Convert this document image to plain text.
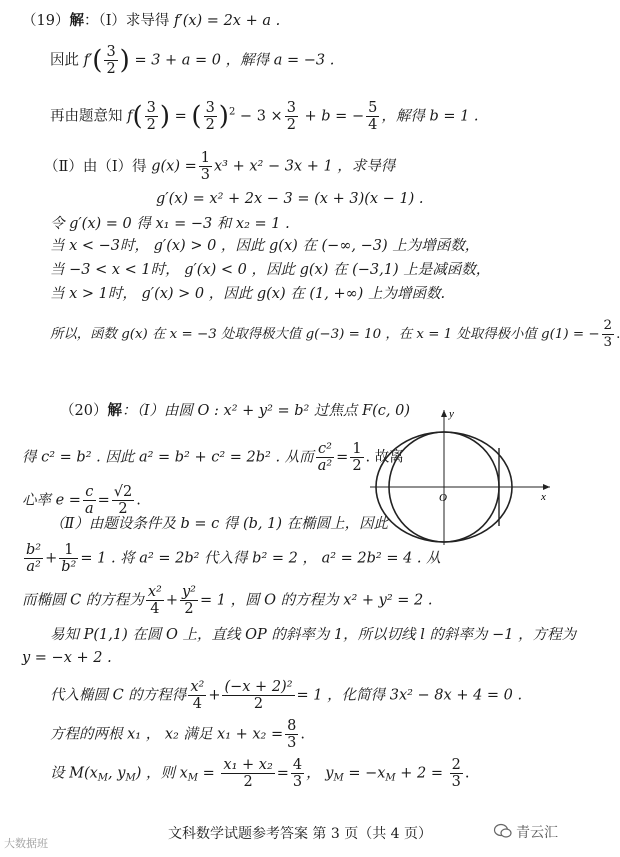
（19）解：（Ⅰ）求导得 f′(x) = 2x + a .
因此 $f'( \frac{3}{2}$ ) = 3 + a = 0 ，解得 a = −3 .
再由题意知 $f( \frac{3}{2}$ ) = ( $\frac{3}{2} )^2 - 3 \times \frac{3}{2} + b$ = − $\frac{5}{4}$ ，解得 b = 1 .
（Ⅱ）由（Ⅰ）得 $g(x) = \frac{1}{3} x^3 + x^2 - 3x + 1$ ，求导得
g′(x) = x² + 2x − 3 = (x + 3)(x − 1) .
令 g′(x) = 0 得 x₁ = −3 和 x₂ = 1 .
当 x < −3时， g′(x) > 0 ，因此 g(x) 在 (−∞, −3) 上为增函数，
当 −3 < x < 1时， g′(x) < 0 ，因此 g(x) 在 (−3,1) 上是减函数，
当 x > 1时， g′(x) > 0 ，因此 g(x) 在 (1, +∞) 上为增函数.
所以，函数 g(x) 在 x = −3 处取得极大值 g(−3) = 10 ，在 x = 1 处取得极小值 g(1) = − $\frac{2}{3}$ .
（20）解：（Ⅰ）由圆 O : x² + y² = b² 过焦点 F(c, 0)
得 c² = b² . 因此 a² = b² + c² = 2b² . 从而 $\frac{\text{c²}}{\text{a²}} = \frac{1}{2}$ . 故离
心率 $e = \frac{c}{a} = \frac{√2}{2}$ .
（Ⅱ）由题设条件及 b = c 得 (b, 1) 在椭圆上，因此
$\frac{\text{b²}}{\text{a²}} + \frac{1}{\text{b²}} = 1$ . 将 a² = 2b² 代入得 b² = 2 ， a² = 2b² = 4 . 从
而椭圆 C 的方程为 $\frac{\text{x²}}{4} + \frac{\text{y²}}{2} = 1$ ，圆 O 的方程为 x² + y² = 2 .
易知 P(1,1) 在圆 O 上，直线 OP 的斜率为 1，所以切线 l 的斜率为 −1 ，方程为
y = −x + 2 .
代入椭圆 C 的方程得 $\frac{\text{x²}}{4} + \frac{\text{(−x + 2)²}}{2} = 1$ ，化简得 3x² − 8x + 4 = 0 .
方程的两根 x₁ ， x₂ 满足 $x_1 + x_2 = \frac{8}{3}$ .
设 $M(x_M$, $y_M$) ，则 $x_M = \frac{\text{x₁ + x₂}}{2} = \frac{4}{3}$ ， $y_M = -x_M + 2 = \frac{2}{3}$ .
y
x
O
文科数学试题参考答案 第 3 页（共 4 页）
大数据班
青云汇
